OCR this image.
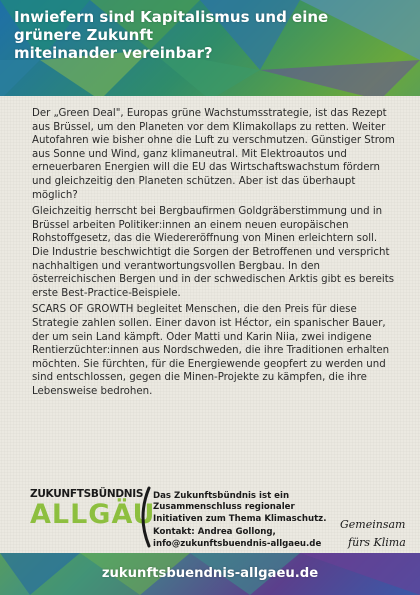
Inwiefern sind Kapitalismus und eine grünere Zukunft
miteinander vereinbar?

Der „Green Deal", Europas grüne Wachstumsstrategie, ist das Rezept aus Brüssel, um den Planeten vor dem Klimakollaps zu retten. Weiter Autofahren wie bisher ohne die Luft zu verschmutzen. Günstiger Strom aus Sonne und Wind, ganz klimaneutral. Mit Elektroautos und erneuerbaren Energien will die EU das Wirtschaftswachstum fördern und gleichzeitig den Planeten schützen. Aber ist das überhaupt möglich?

Gleichzeitig herrscht bei Bergbaufirmen Goldgräberstimmung und in Brüssel arbeiten Politiker:innen an einem neuen europäischen Rohstoffgesetz, das die Wiedereröffnung von Minen erleichtern soll. Die Industrie beschwichtigt die Sorgen der Betroffenen und verspricht nachhaltigen und verantwortungsvollen Bergbau. In den österreichischen Bergen und in der schwedischen Arktis gibt es bereits erste Best-Practice-Beispiele.

SCARS OF GROWTH begleitet Menschen, die den Preis für diese Strategie zahlen sollen. Einer davon ist Héctor, ein spanischer Bauer, der um sein Land kämpft. Oder Matti und Karin Niia, zwei indigene Rentierzüchter:innen aus Nordschweden, die ihre Traditionen erhalten möchten. Sie fürchten, für die Energiewende geopfert zu werden und sind entschlossen, gegen die Minen-Projekte zu kämpfen, die ihre Lebensweise bedrohen.

ZUKUNFTSBÜNDNIS
ALLGÄU

Das Zukunftsbündnis ist ein Zusammenschluss regionaler Initiativen zum Thema Klimaschutz.

Kontakt: Andrea Gollong, info@zukunftsbuendnis-allgaeu.de

Gemeinsam
fürs Klima
zukunftsbuendnis-allgaeu.de
